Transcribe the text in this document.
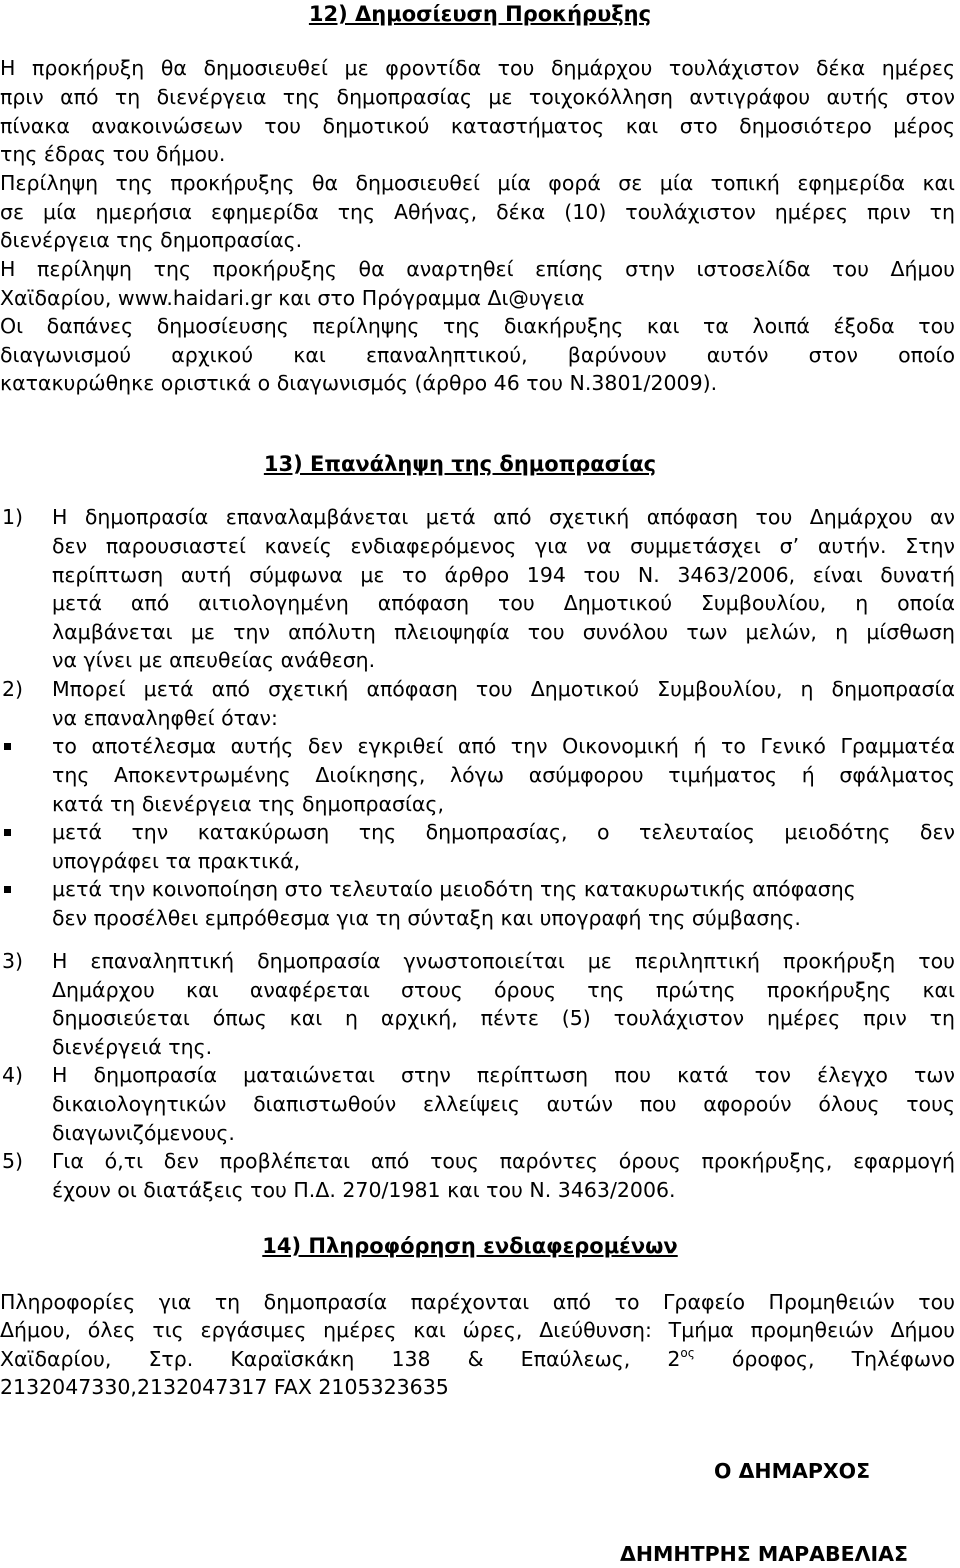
12) Δημοσίευση Προκήρυξης

Η προκήρυξη θα δημοσιευθεί με φροντίδα του δημάρχου τουλάχιστον δέκα ημέρες

πριν από τη διενέργεια της δημοπρασίας με τοιχοκόλληση αντιγράφου αυτής στον

πίνακα ανακοινώσεων του δημοτικού καταστήματος και στο δημοσιότερο μέρος

της έδρας του δήμου.

Περίληψη της προκήρυξης θα δημοσιευθεί μία φορά σε μία τοπική εφημερίδα και

σε μία ημερήσια εφημερίδα της Αθήνας, δέκα (10) τουλάχιστον ημέρες πριν τη

διενέργεια της δημοπρασίας.

Η περίληψη της προκήρυξης θα αναρτηθεί επίσης στην ιστοσελίδα του Δήμου

Χαϊδαρίου, www.haidari.gr και στο Πρόγραμμα Δι@υγεια

Οι δαπάνες δημοσίευσης περίληψης της διακήρυξης και τα λοιπά έξοδα του

διαγωνισμού αρχικού και επαναληπτικού, βαρύνουν αυτόν στον οποίο

κατακυρώθηκε οριστικά ο διαγωνισμός (άρθρο 46 του Ν.3801/2009).

13) Επανάληψη της δημοπρασίας
1) Η δημοπρασία επαναλαμβάνεται μετά από σχετική απόφαση του Δημάρχου αν

δεν παρουσιαστεί κανείς ενδιαφερόμενος για να συμμετάσχει σ’ αυτήν. Στην

περίπτωση αυτή σύμφωνα με το άρθρο 194 του Ν. 3463/2006, είναι δυνατή

μετά από αιτιολογημένη απόφαση του Δημοτικού Συμβουλίου, η οποία

λαμβάνεται με την απόλυτη πλειοψηφία του συνόλου των μελών, η μίσθωση

να γίνει με απευθείας ανάθεση.

2) Μπορεί μετά από σχετική απόφαση του Δημοτικού Συμβουλίου, η δημοπρασία

να επαναληφθεί όταν:

το αποτέλεσμα αυτής δεν εγκριθεί από την Οικονομική ή το Γενικό Γραμματέα

της Αποκεντρωμένης Διοίκησης, λόγω ασύμφορου τιμήματος ή σφάλματος

κατά τη διενέργεια της δημοπρασίας,

μετά την κατακύρωση της δημοπρασίας, ο τελευταίος μειοδότης δεν

υπογράφει τα πρακτικά,

μετά την κοινοποίηση στο τελευταίο μειοδότη της κατακυρωτικής απόφασης

δεν προσέλθει εμπρόθεσμα για τη σύνταξη και υπογραφή της σύμβασης.

3) Η επαναληπτική δημοπρασία γνωστοποιείται με περιληπτική προκήρυξη του

Δημάρχου και αναφέρεται στους όρους της πρώτης προκήρυξης και

δημοσιεύεται όπως και η αρχική, πέντε (5) τουλάχιστον ημέρες πριν τη

διενέργειά της.

4) Η δημοπρασία ματαιώνεται στην περίπτωση που κατά τον έλεγχο των

δικαιολογητικών διαπιστωθούν ελλείψεις αυτών που αφορούν όλους τους

διαγωνιζόμενους.

5) Για ό,τι δεν προβλέπεται από τους παρόντες όρους προκήρυξης, εφαρμογή

έχουν οι διατάξεις του Π.Δ. 270/1981 και του Ν. 3463/2006.

14) Πληροφόρηση ενδιαφερομένων

Πληροφορίες για τη δημοπρασία παρέχονται από το Γραφείο Προμηθειών του

Δήμου, όλες τις εργάσιμες ημέρες και ώρες, Διεύθυνση: Τμήμα προμηθειών Δήμου

Χαϊδαρίου, Στρ. Καραϊσκάκη 138 & Επαύλεως, $2^{o\varsigma}$ όροφος, Τηλέφωνο

2132047330,2132047317 FAX 2105323635

Ο ΔΗΜΑΡΧΟΣ

ΔΗΜΗΤΡΗΣ ΜΑΡΑΒΕΛΙΑΣ
